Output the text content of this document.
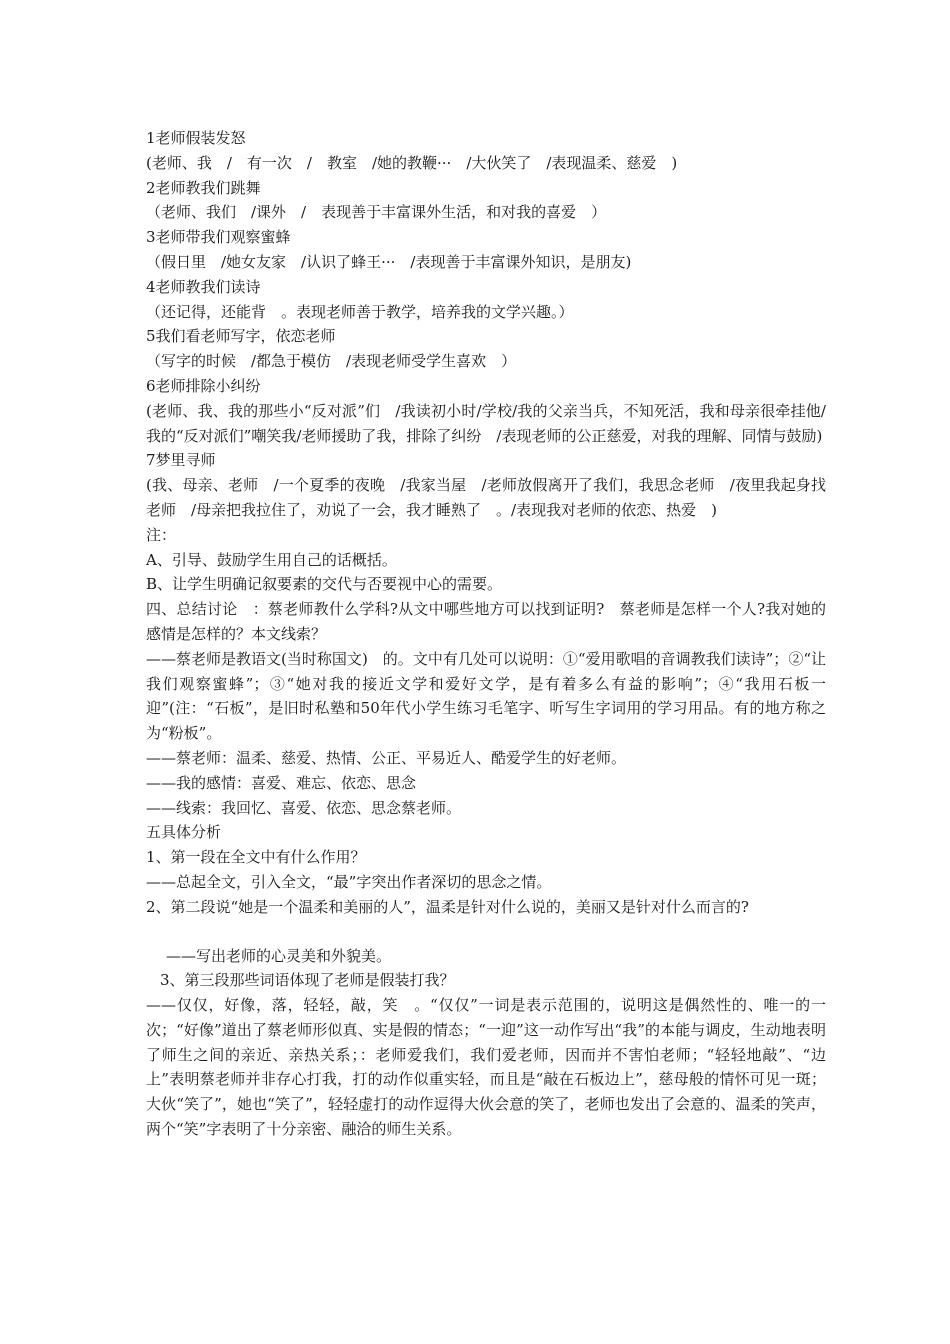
1老师假装发怒

(老师、我　/　有一次　/　教室　/她的教鞭···　/大伙笑了　/表现温柔、慈爱　)

2老师教我们跳舞

（老师、我们　/课外　/　表现善于丰富课外生活，和对我的喜爱　）

3老师带我们观察蜜蜂

（假日里　/她女友家　/认识了蜂王···　/表现善于丰富课外知识，是朋友)

4老师教我们读诗

（还记得，还能背　。表现老师善于教学，培养我的文学兴趣。）

5我们看老师写字，依恋老师

（写字的时候　/都急于模仿　/表现老师受学生喜欢　）

6老师排除小纠纷

(老师、我、我的那些小“反对派”们　/我读初小时/学校/我的父亲当兵，不知死活，我和母亲很牵挂他/我的“反对派们”嘲笑我/老师援助了我，排除了纠纷　/表现老师的公正慈爱，对我的理解、同情与鼓励)

7梦里寻师

(我、母亲、老师　/一个夏季的夜晚　/我家当屋　/老师放假离开了我们，我思念老师　/夜里我起身找老师　/母亲把我拉住了，劝说了一会，我才睡熟了　。/表现我对老师的依恋、热爱　)

注：

A、引导、鼓励学生用自己的话概括。

B、让学生明确记叙要素的交代与否要视中心的需要。

四、总结讨论　：蔡老师教什么学科?从文中哪些地方可以找到证明?　蔡老师是怎样一个人?我对她的感情是怎样的？本文线索？

——蔡老师是教语文(当时称国文)　的。文中有几处可以说明：①“爱用歌唱的音调教我们读诗”；②“让我们观察蜜蜂”；③“她对我的接近文学和爱好文学，是有着多么有益的影响”；④“我用石板一迎”(注：“石板”，是旧时私塾和50年代小学生练习毛笔字、听写生字词用的学习用品。有的地方称之为“粉板”。

——蔡老师：温柔、慈爱、热情、公正、平易近人、酷爱学生的好老师。

——我的感情：喜爱、难忘、依恋、思念

——线索：我回忆、喜爱、依恋、思念蔡老师。

五具体分析

1、第一段在全文中有什么作用？

——总起全文，引入全文，“最”字突出作者深切的思念之情。

2、第二段说“她是一个温柔和美丽的人”，温柔是针对什么说的，美丽又是针对什么而言的?

——写出老师的心灵美和外貌美。

3、第三段那些词语体现了老师是假装打我？

——仅仅，好像，落，轻轻，敲，笑　。“仅仅”一词是表示范围的，说明这是偶然性的、唯一的一次；“好像”道出了蔡老师形似真、实是假的情态；“一迎”这一动作写出“我”的本能与调皮，生动地表明了师生之间的亲近、亲热关系；：老师爱我们，我们爱老师，因而并不害怕老师；“轻轻地敲”、“边上”表明蔡老师并非存心打我，打的动作似重实轻，而且是“敲在石板边上”，慈母般的情怀可见一斑；大伙“笑了”，她也“笑了”，轻轻虚打的动作逗得大伙会意的笑了，老师也发出了会意的、温柔的笑声，两个“笑”字表明了十分亲密、融洽的师生关系。
